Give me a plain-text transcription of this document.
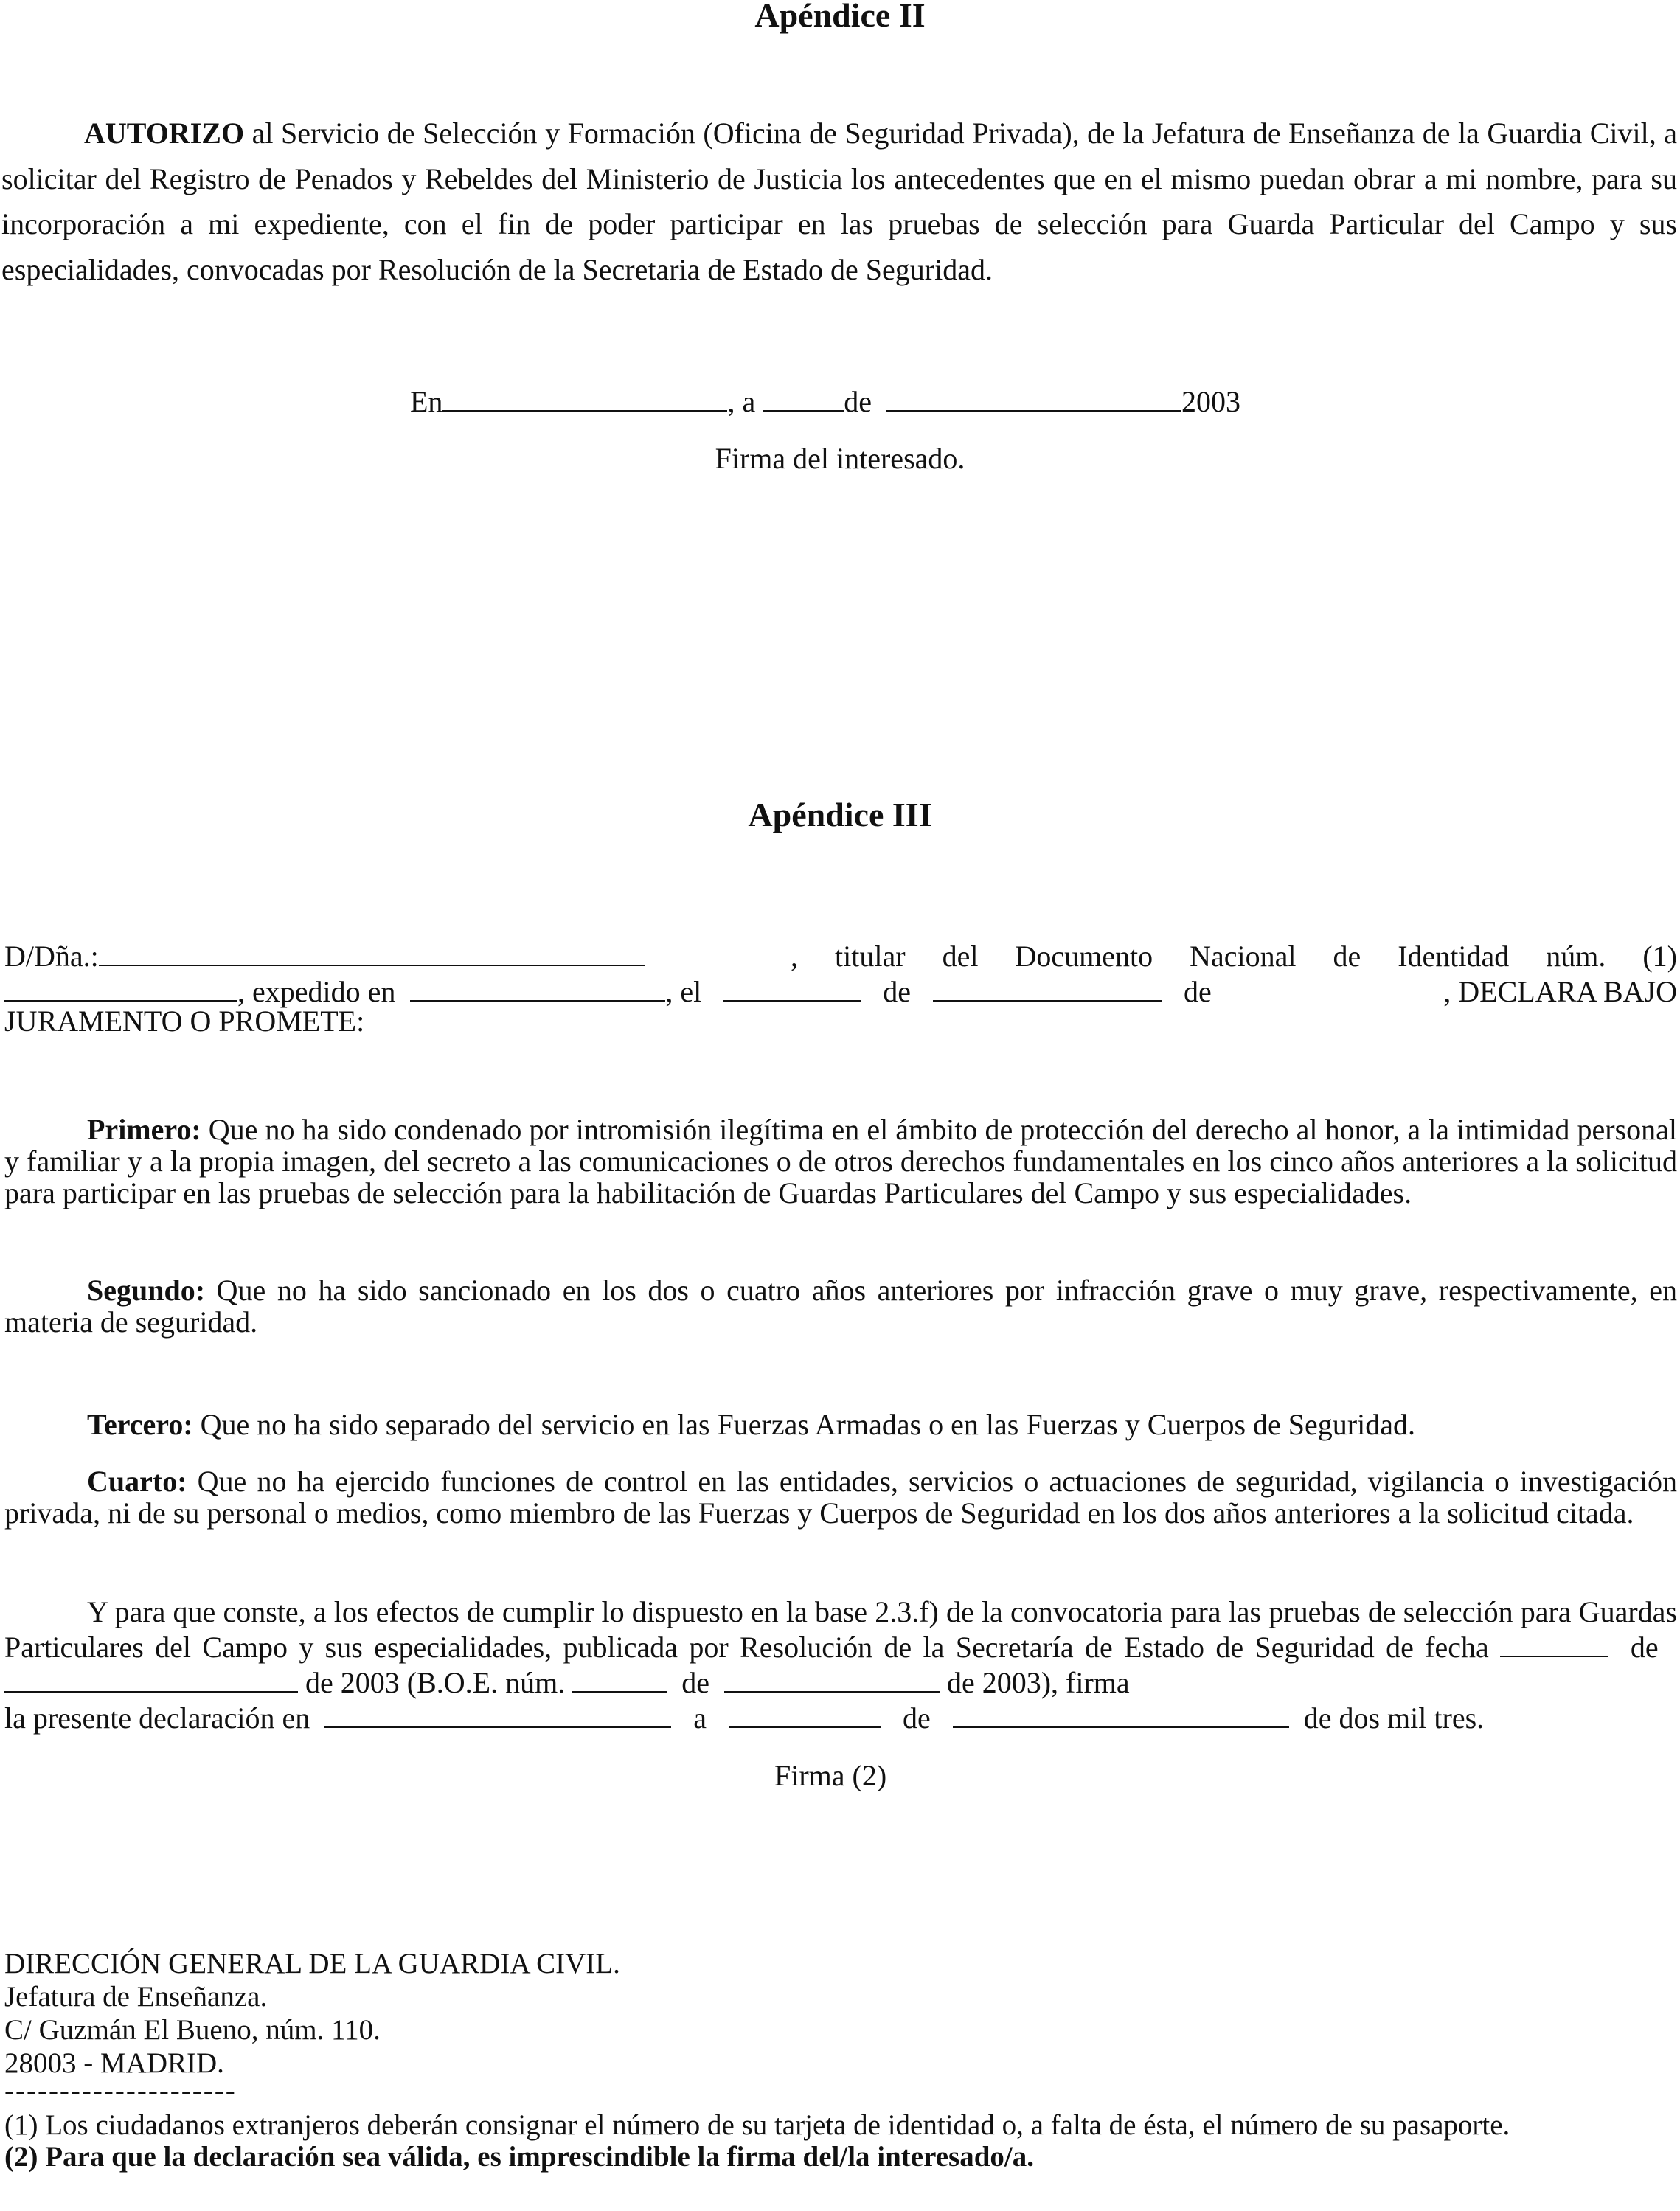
Apéndice II
AUTORIZO al Servicio de Selección y Formación (Oficina de Seguridad Privada), de la Jefatura de Enseñanza de la Guardia Civil, a solicitar del Registro de Penados y Rebeldes del Ministerio de Justicia los antecedentes que en el mismo puedan obrar a mi nombre, para su incorporación a mi expediente, con el fin de poder participar en las pruebas de selección para Guarda Particular del Campo y sus especialidades, convocadas por Resolución de la Secretaria de Estado de Seguridad.
En	, a	de	2003
Firma del interesado.
Apéndice III
D/Dña.:	, titular del Documento Nacional de Identidad núm. (1)
, expedido en	, el	de	de	, DECLARA BAJO
JURAMENTO O PROMETE:
Primero: Que no ha sido condenado por intromisión ilegítima en el ámbito de protección del derecho al honor, a la intimidad personal y familiar y a la propia imagen, del secreto a las comunicaciones o de otros derechos fundamentales en los cinco años anteriores a la solicitud para participar en las pruebas de selección para la habilitación de Guardas Particulares del Campo y sus especialidades.
Segundo: Que no ha sido sancionado en los dos o cuatro años anteriores por infracción grave o muy grave, respectivamente, en materia de seguridad.
Tercero: Que no ha sido separado del servicio en las Fuerzas Armadas o en las Fuerzas y Cuerpos de Seguridad.

Cuarto: Que no ha ejercido funciones de control en las entidades, servicios o actuaciones de seguridad, vigilancia o investigación privada, ni de su personal o medios, como miembro de las Fuerzas y Cuerpos de Seguridad en los dos años anteriores a la solicitud citada.
Y para que conste, a los efectos de cumplir lo dispuesto en la base 2.3.f) de la convocatoria para las pruebas de selección para Guardas Particulares del Campo y sus especialidades, publicada por Resolución de la Secretaría de Estado de Seguridad de fecha	de   de 2003 (B.O.E. núm.	de	de 2003), firma
la presente declaración en	a	de	de dos mil tres.
Firma (2)
DIRECCIÓN GENERAL DE LA GUARDIA CIVIL.
Jefatura de Enseñanza.
C/ Guzmán El Bueno, núm. 110.
28003 - MADRID.
---------------------
(1) Los ciudadanos extranjeros deberán consignar el número de su tarjeta de identidad o, a falta de ésta, el número de su pasaporte.
(2) Para que la declaración sea válida, es imprescindible la firma del/la interesado/a.
